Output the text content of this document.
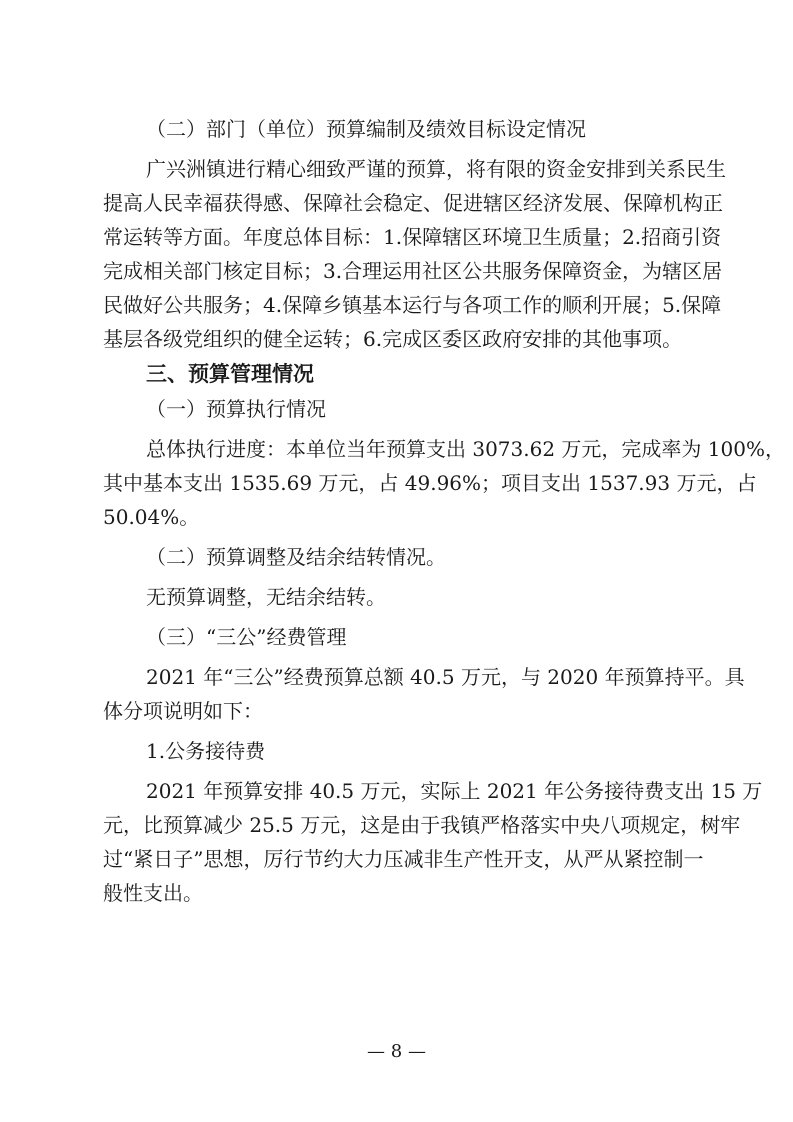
（二）部门（单位）预算编制及绩效目标设定情况
广兴洲镇进行精心细致严谨的预算，将有限的资金安排到关系民生
提高人民幸福获得感、保障社会稳定、促进辖区经济发展、保障机构正
常运转等方面。年度总体目标：1.保障辖区环境卫生质量；2.招商引资
完成相关部门核定目标；3.合理运用社区公共服务保障资金，为辖区居
民做好公共服务；4.保障乡镇基本运行与各项工作的顺利开展；5.保障
基层各级党组织的健全运转；6.完成区委区政府安排的其他事项。
三、预算管理情况
（一）预算执行情况
总体执行进度：本单位当年预算支出 3073.62 万元，完成率为 100%，
其中基本支出 1535.69 万元，占 49.96%；项目支出 1537.93 万元，占
50.04%。
（二）预算调整及结余结转情况。
无预算调整，无结余结转。
（三）“三公”经费管理
2021 年“三公”经费预算总额 40.5 万元，与 2020 年预算持平。具
体分项说明如下：
1.公务接待费
2021 年预算安排 40.5 万元，实际上 2021 年公务接待费支出 15 万
元，比预算减少 25.5 万元，这是由于我镇严格落实中央八项规定，树牢
过“紧日子”思想，厉行节约大力压减非生产性开支，从严从紧控制一
般性支出。
— 8 —
